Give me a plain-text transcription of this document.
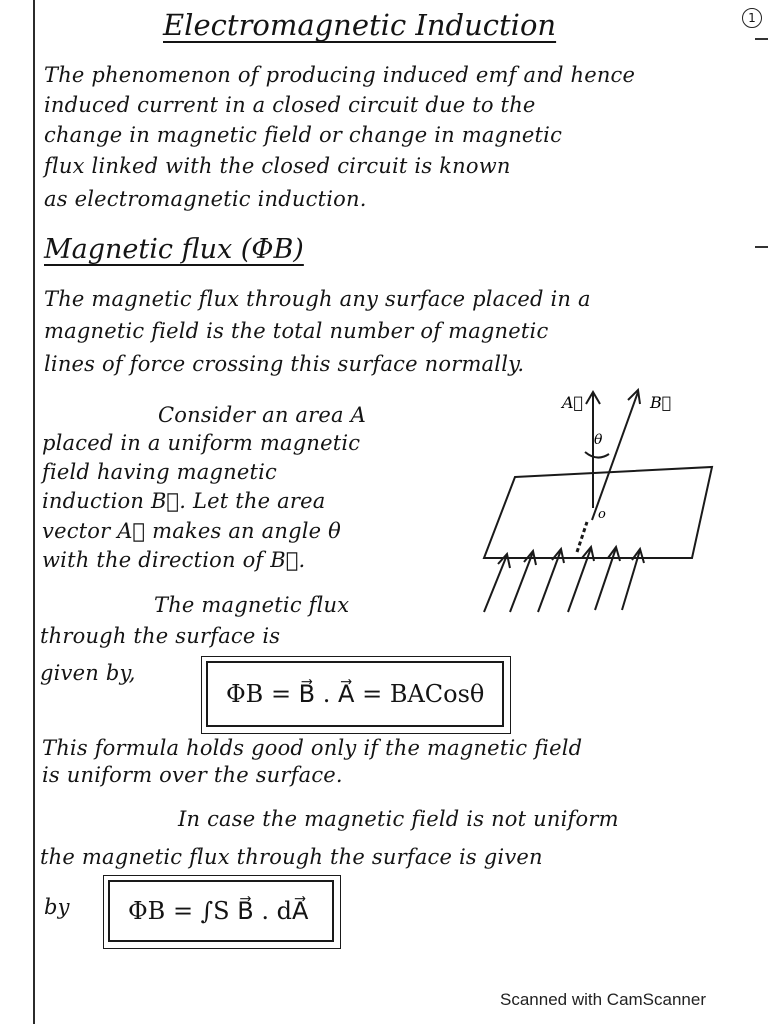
Electromagnetic Induction	1
The phenomenon of producing induced emf and hence
induced current in a closed circuit due to the
change in magnetic field or change in magnetic
flux linked with the closed circuit is known
as electromagnetic induction.
Magnetic flux (ΦB)
The magnetic flux through any surface placed in a
magnetic field is the total number of magnetic
lines of force crossing this surface normally.
Consider an area A
placed in a uniform magnetic
field having magnetic
induction B⃗. Let the area
vector A⃗ makes an angle θ
with the direction of B⃗.
A⃗	B⃗
θ
o
The magnetic flux
through the surface is
given by,
ΦB = B⃗ . A⃗ = BACosθ
This formula holds good only if the magnetic field
is uniform over the surface.
In case the magnetic field is not uniform
the magnetic flux through the surface is given
by	ΦB = ∫S B⃗ . dA⃗
Scanned with CamScanner
